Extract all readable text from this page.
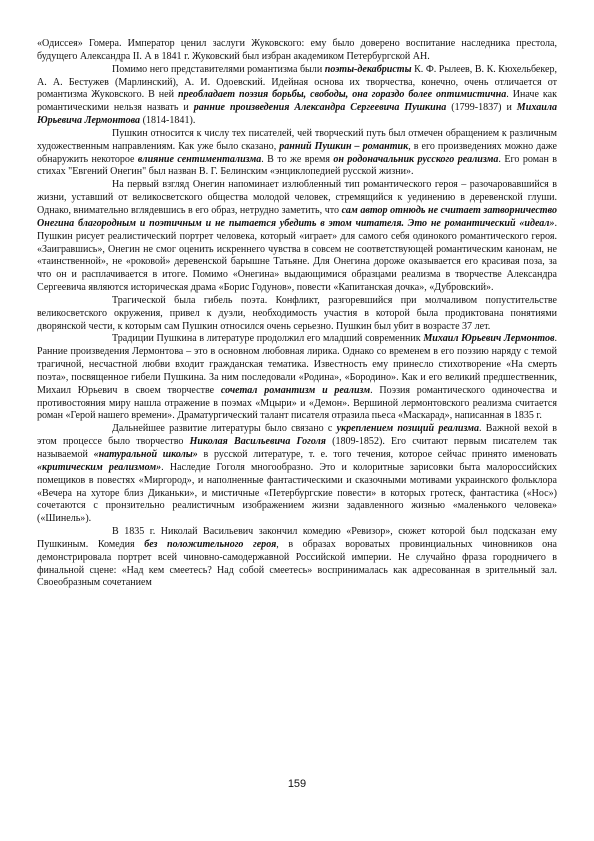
«Одиссея» Гомера. Император ценил заслуги Жуковского: ему было доверено воспитание наследника престола, будущего Александра II. А в 1841 г. Жуковский был избран академиком Петербургской АН.

Помимо него представителями романтизма были поэты-декабристы К. Ф. Рылеев, В. К. Кюхельбекер, А. А. Бестужев (Марлинский), А. И. Одоевский. Идейная основа их творчества, конечно, очень отличается от романтизма Жуковского. В ней преобладает поэзия борьбы, свободы, она гораздо более оптимистична. Иначе как романтическими нельзя назвать и ранние произведения Александра Сергеевича Пушкина (1799-1837) и Михаила Юрьевича Лермонтова (1814-1841).

Пушкин относится к числу тех писателей, чей творческий путь был отмечен обращением к различным художественным направлениям. Как уже было сказано, ранний Пушкин – романтик, в его произведениях можно даже обнаружить некоторое влияние сентиментализма. В то же время он родоначальник русского реализма. Его роман в стихах "Евгений Онегин" был назван В. Г. Белинским «энциклопедией русской жизни».

На первый взгляд Онегин напоминает излюбленный тип романтического героя – разочаровавшийся в жизни, уставший от великосветского общества молодой человек, стремящийся к уединению в деревенской глуши. Однако, внимательно вглядевшись в его образ, нетрудно заметить, что сам автор отнюдь не считает затворничество Онегина благородным и поэтичным и не пытается убедить в этом читателя. Это не романтический «идеал». Пушкин рисует реалистический портрет человека, который «играет» для самого себя одинокого романтического героя. «Заигравшись», Онегин не смог оценить искреннего чувства в совсем не соответствующей романтическим канонам, не «таинственной», не «роковой» деревенской барышне Татьяне. Для Онегина дороже оказывается его красивая поза, за что он и расплачивается в итоге. Помимо «Онегина» выдающимися образцами реализма в творчестве Александра Сергеевича являются историческая драма «Борис Годунов», повести «Капитанская дочка», «Дубровский».

Трагической была гибель поэта. Конфликт, разгоревшийся при молчаливом попустительстве великосветского окружения, привел к дуэли, необходимость участия в которой была продиктована понятиями дворянской чести, к которым сам Пушкин относился очень серьезно. Пушкин был убит в возрасте 37 лет.

Традиции Пушкина в литературе продолжил его младший современник Михаил Юрьевич Лермонтов. Ранние произведения Лермонтова – это в основном любовная лирика. Однако со временем в его поэзию наряду с темой трагичной, несчастной любви входит гражданская тематика. Известность ему принесло стихотворение «На смерть поэта», посвященное гибели Пушкина. За ним последовали «Родина», «Бородино». Как и его великий предшественник, Михаил Юрьевич в своем творчестве сочетал романтизм и реализм. Поэзия романтического одиночества и противостояния миру нашла отражение в поэмах «Мцыри» и «Демон». Вершиной лермонтовского реализма считается роман «Герой нашего времени». Драматургический талант писателя отразила пьеса «Маскарад», написанная в 1835 г.

Дальнейшее развитие литературы было связано с укреплением позиций реализма. Важной вехой в этом процессе было творчество Николая Васильевича Гоголя (1809-1852). Его считают первым писателем так называемой «натуральной школы» в русской литературе, т. е. того течения, которое сейчас принято именовать «критическим реализмом». Наследие Гоголя многообразно. Это и колоритные зарисовки быта малороссийских помещиков в повестях «Миргород», и наполненные фантастическими и сказочными мотивами украинского фольклора «Вечера на хуторе близ Диканьки», и мистичные «Петербургские повести» в которых гротеск, фантастика («Нос») сочетаются с пронзительно реалистичным изображением жизни задавленного жизнью «маленького человека» («Шинель»).

В 1835 г. Николай Васильевич закончил комедию «Ревизор», сюжет которой был подсказан ему Пушкиным. Комедия без положительного героя, в образах вороватых провинциальных чиновников она демонстрировала портрет всей чиновно-самодержавной Российской империи. Не случайно фраза городничего в финальной сцене: «Над кем смеетесь? Над собой смеетесь» воспринималась как адресованная в зрительный зал. Своеобразным сочетанием

159
